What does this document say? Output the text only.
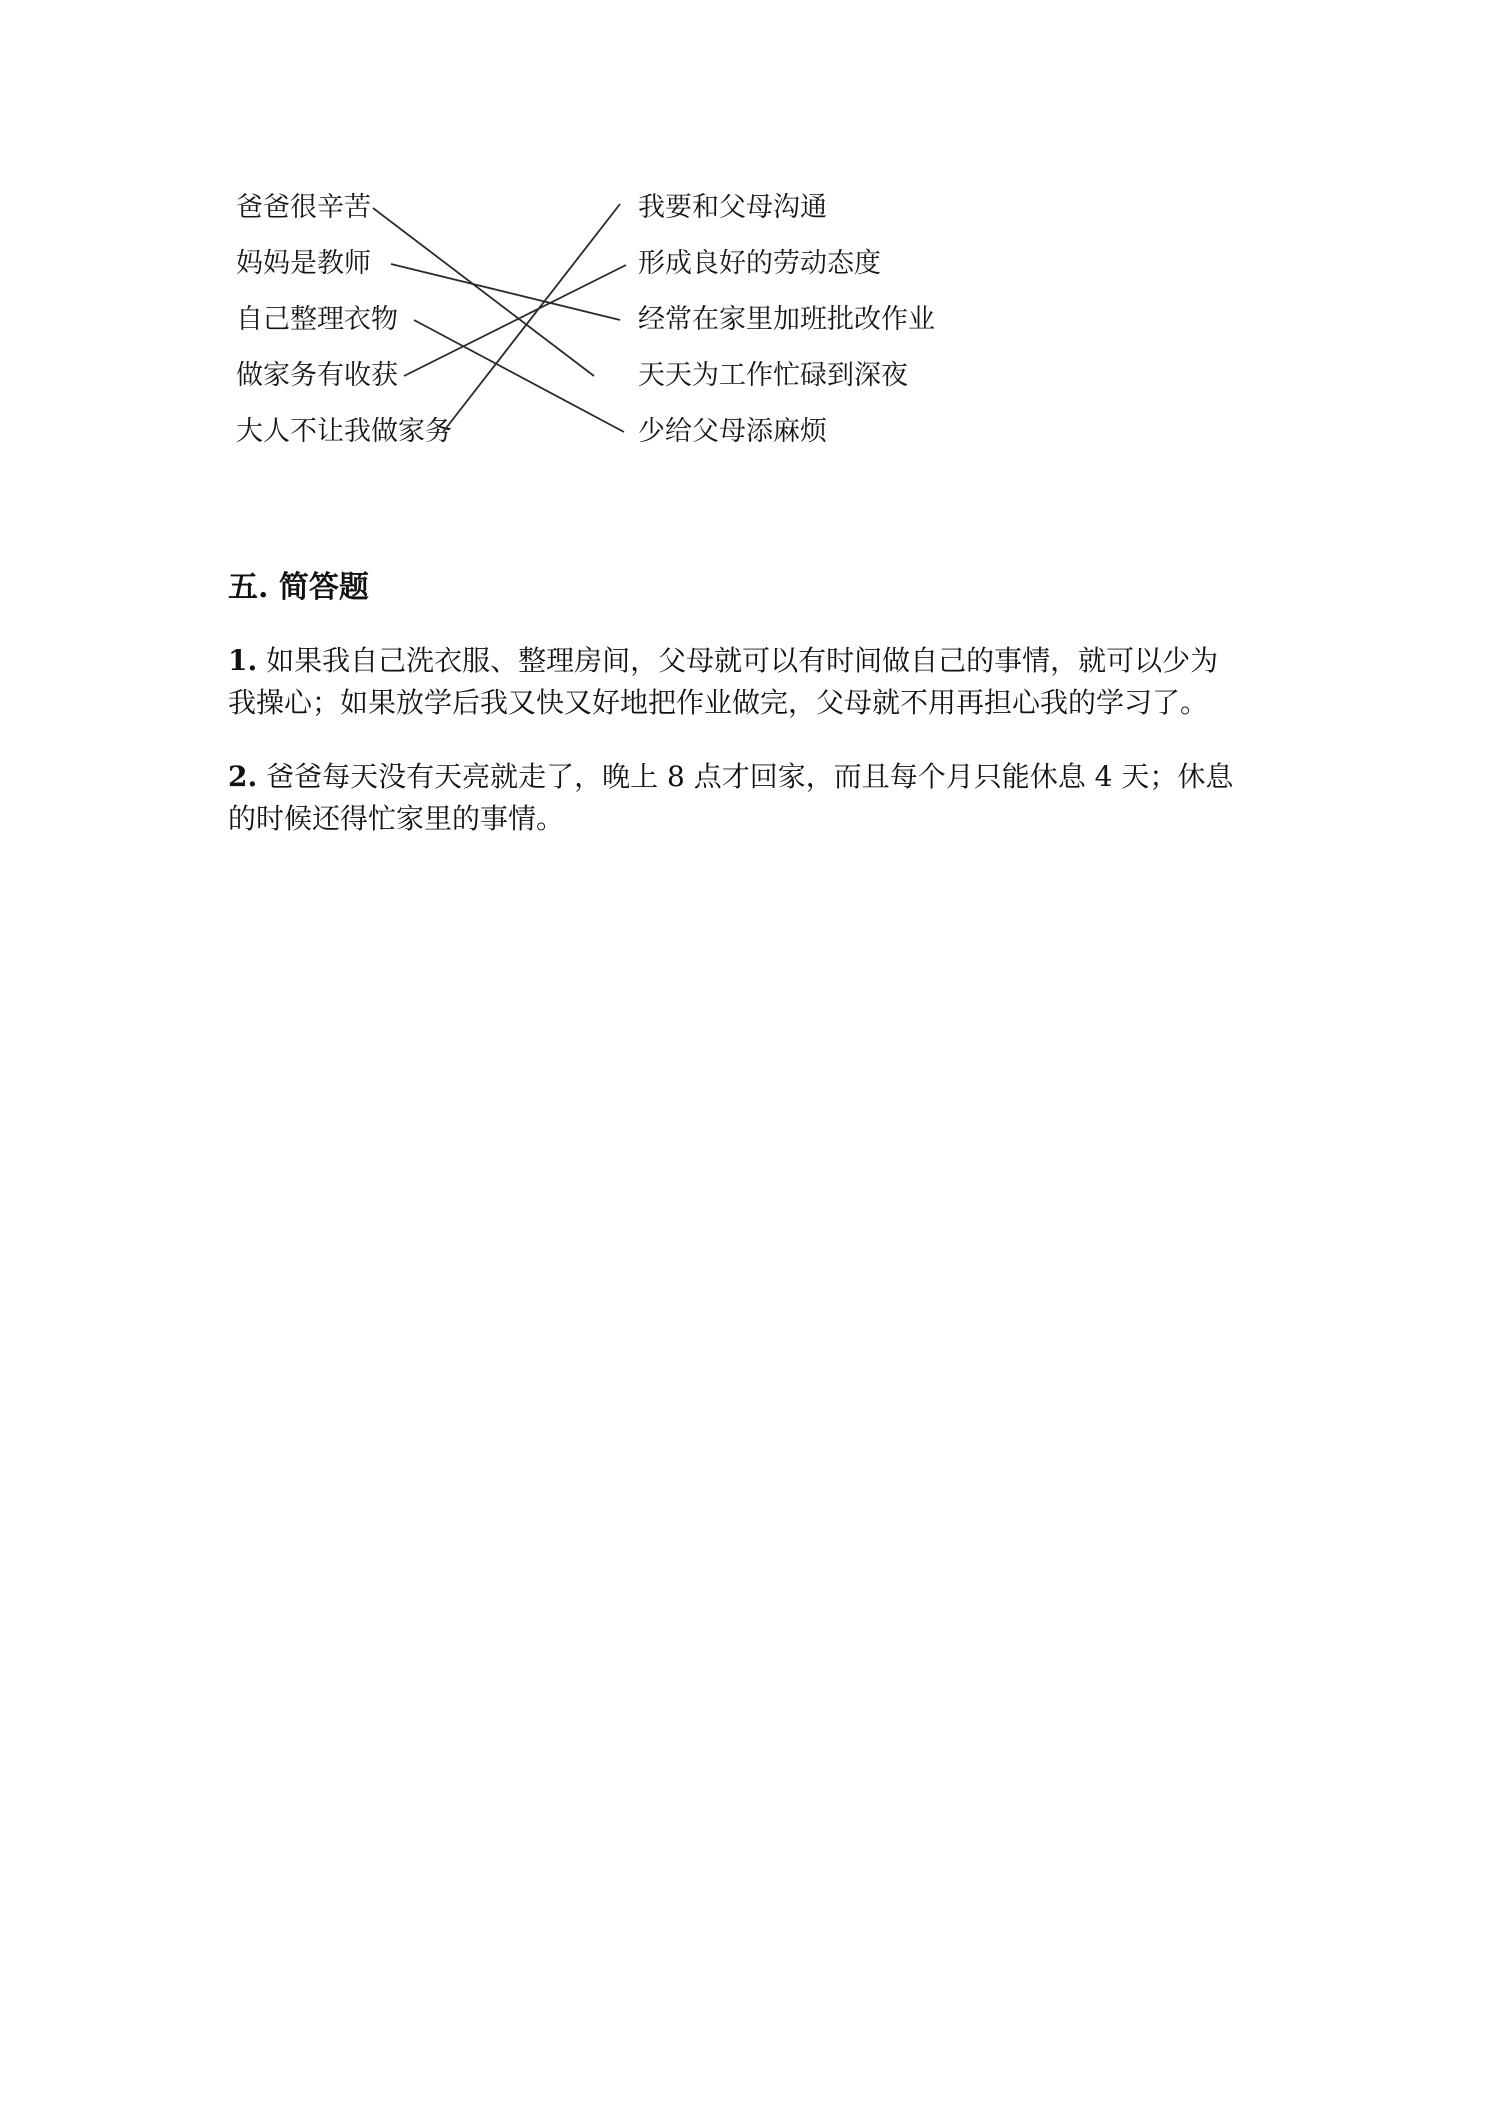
爸爸很辛苦
妈妈是教师
自己整理衣物
做家务有收获
大人不让我做家务
我要和父母沟通
形成良好的劳动态度
经常在家里加班批改作业
天天为工作忙碌到深夜
少给父母添麻烦
五. 简答题
1. 如果我自己洗衣服、整理房间，父母就可以有时间做自己的事情，就可以少为
我操心；如果放学后我又快又好地把作业做完，父母就不用再担心我的学习了。
2. 爸爸每天没有天亮就走了，晚上 8 点才回家，而且每个月只能休息 4 天；休息
的时候还得忙家里的事情。
